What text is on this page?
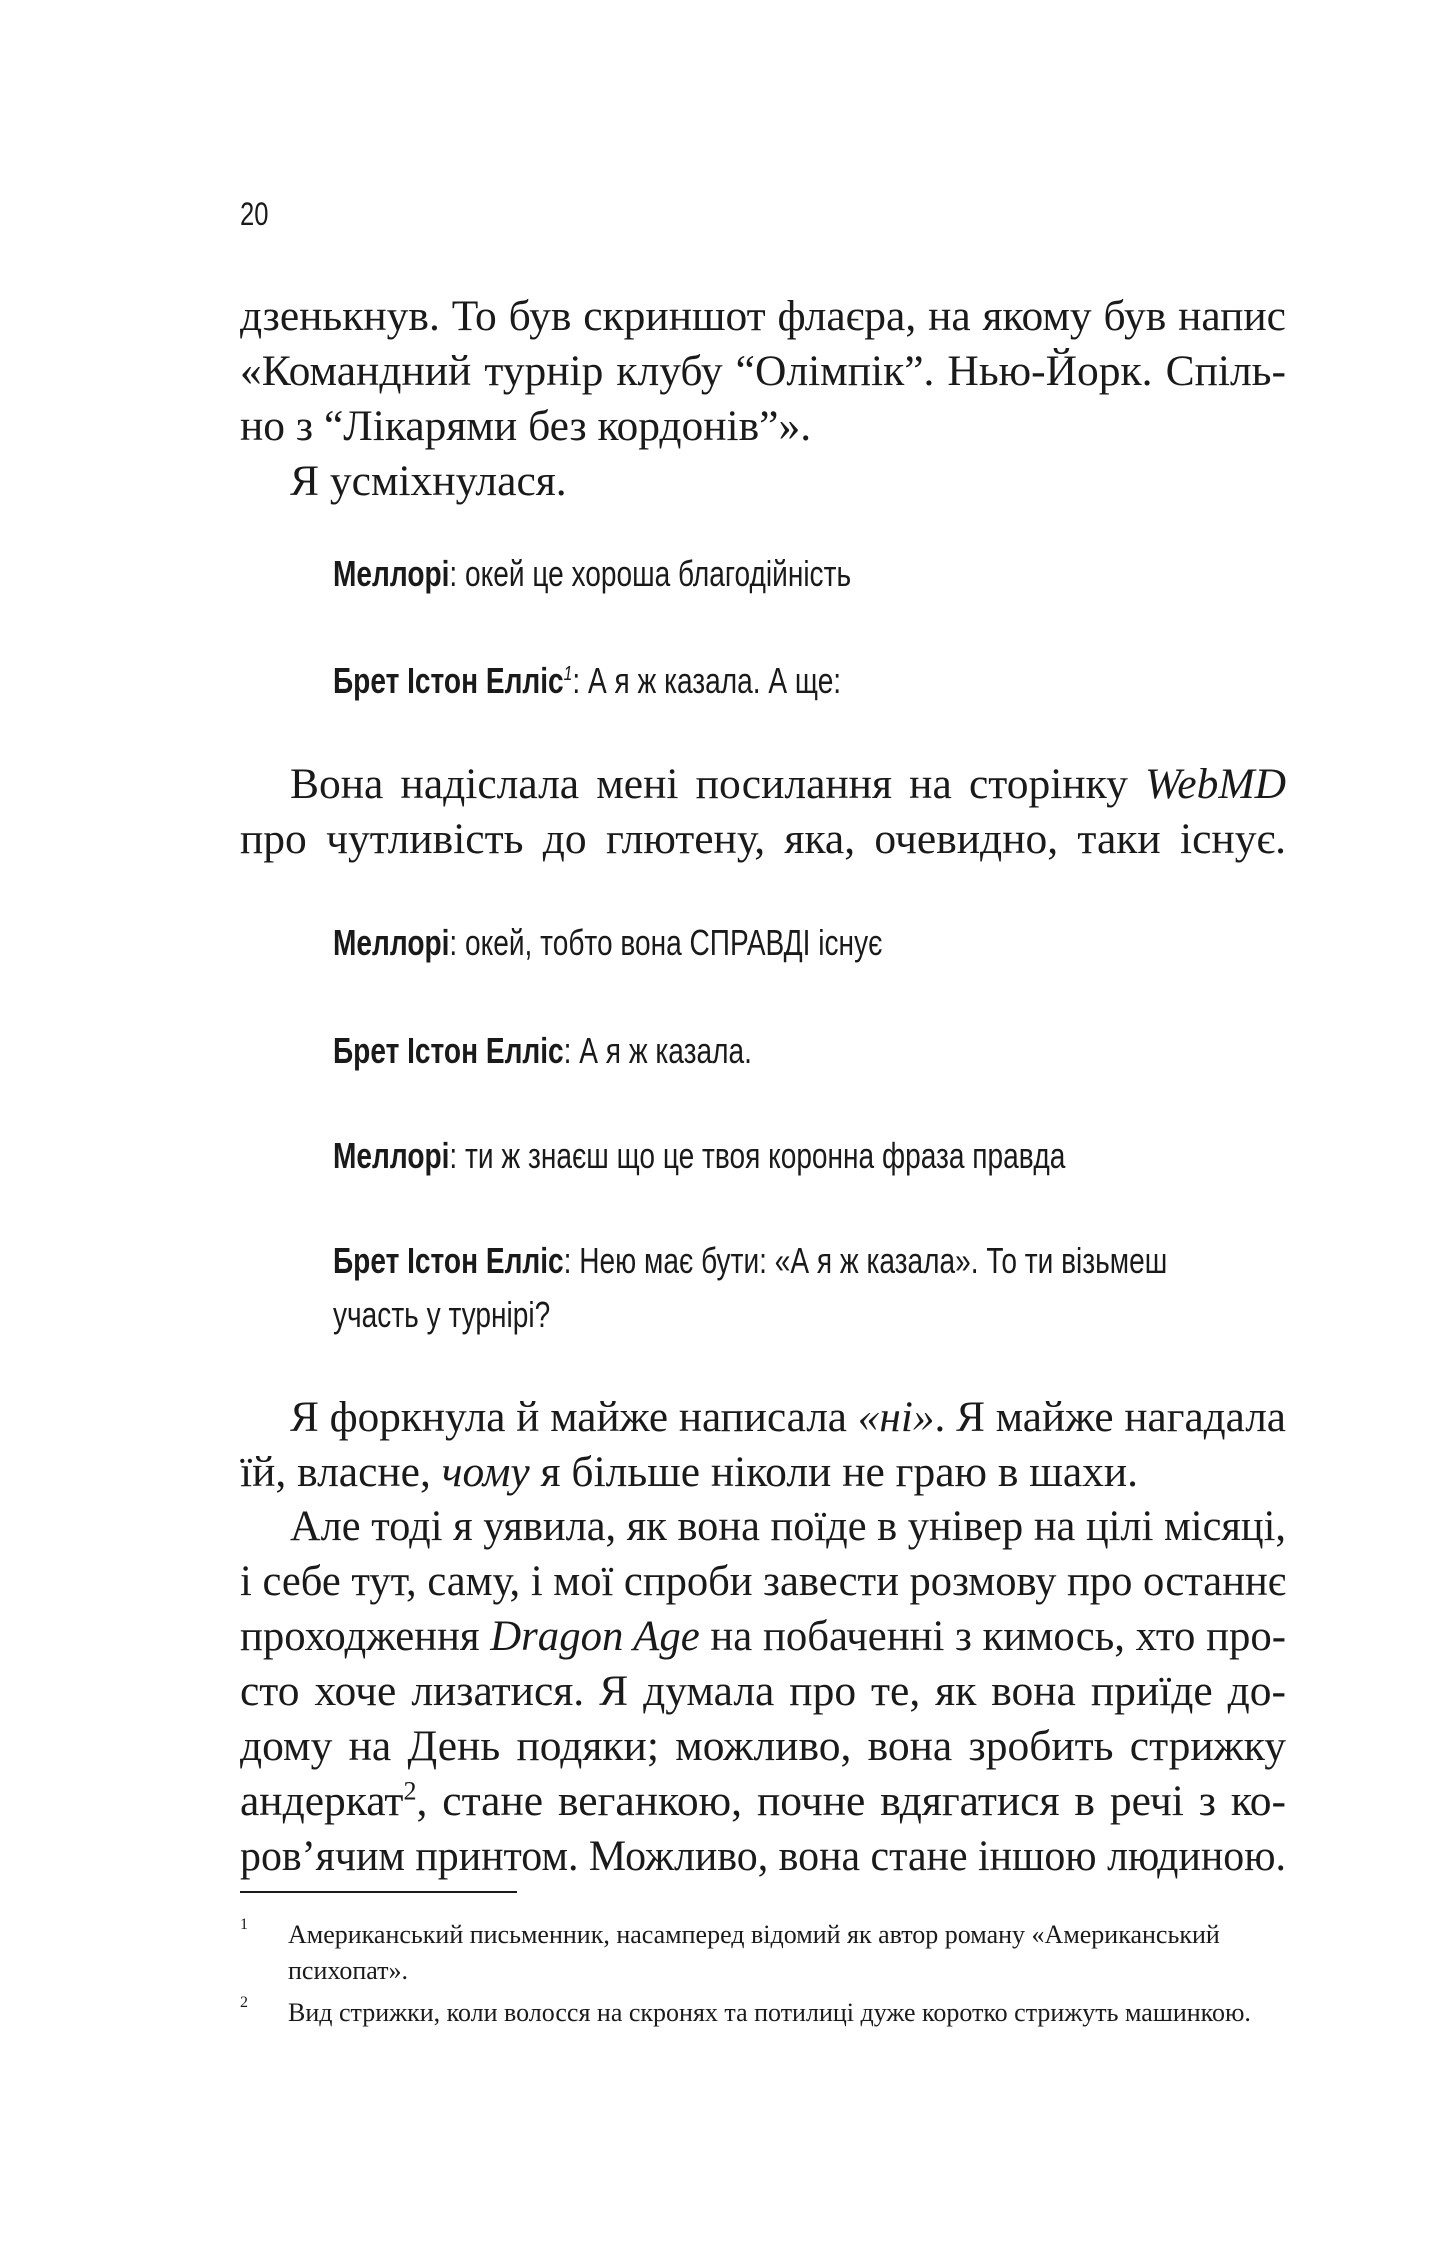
20
дзенькнув. То був скриншот флаєра, на якому був напис
«Командний турнір клубу “Олімпік”. Нью-Йорк. Спіль-
но з “Лікарями без кордонів”».
Я усміхнулася.
Меллорі: окей це хороша благодійність
Брет Істон Елліс$^1$: А я ж казала. А ще:
Вона надіслала мені посилання на сторінку WebMD
про чутливість до глютену, яка, очевидно, таки існує.
Меллорі: окей, тобто вона СПРАВДІ існує
Брет Істон Елліс: А я ж казала.
Меллорі: ти ж знаєш що це твоя коронна фраза правда
Брет Істон Елліс: Нею має бути: «А я ж казала». То ти візьмеш
участь у турнірі?
Я форкнула й майже написала «ні». Я майже нагадала
їй, власне, чому я більше ніколи не граю в шахи.
Але тоді я уявила, як вона поїде в універ на цілі місяці,
і себе тут, саму, і мої спроби завести розмову про останнє
проходження Dragon Age на побаченні з кимось, хто про-
сто хоче лизатися. Я думала про те, як вона приїде до-
дому на День подяки; можливо, вона зробить стрижку
андеркат$^2$, стане веганкою, почне вдягатися в речі з ко-
ров’ячим принтом. Можливо, вона стане іншою людиною.
1 Американський письменник, насамперед відомий як автор роману «Американський
психопат».
2 Вид стрижки, коли волосся на скронях та потилиці дуже коротко стрижуть машинкою.
